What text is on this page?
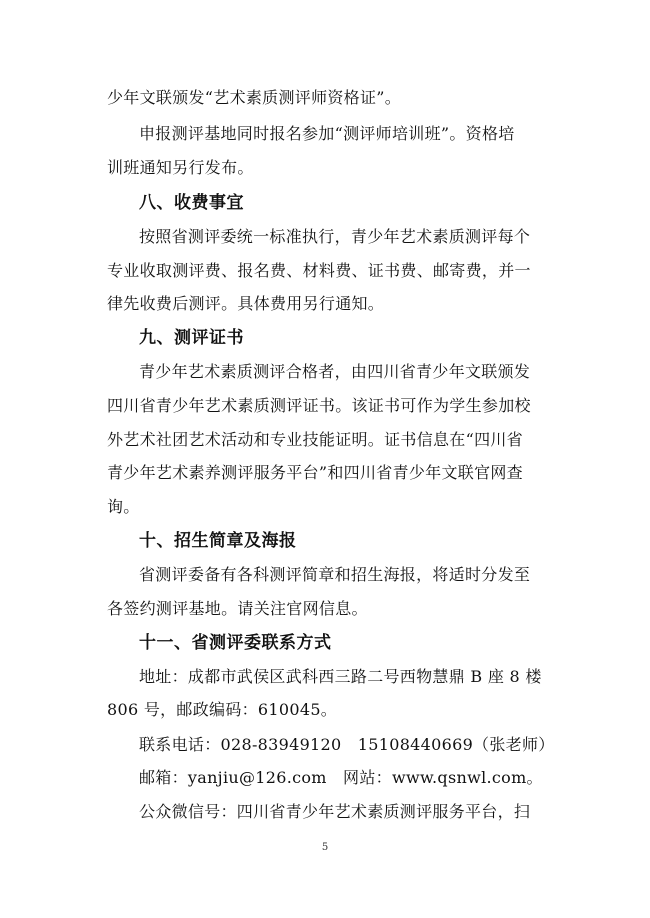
少年文联颁发“艺术素质测评师资格证”。
申报测评基地同时报名参加“测评师培训班”。资格培
训班通知另行发布。
八、收费事宜
按照省测评委统一标准执行，青少年艺术素质测评每个
专业收取测评费、报名费、材料费、证书费、邮寄费，并一
律先收费后测评。具体费用另行通知。
九、测评证书
青少年艺术素质测评合格者，由四川省青少年文联颁发
四川省青少年艺术素质测评证书。该证书可作为学生参加校
外艺术社团艺术活动和专业技能证明。证书信息在“四川省
青少年艺术素养测评服务平台”和四川省青少年文联官网查
询。
十、招生简章及海报
省测评委备有各科测评简章和招生海报，将适时分发至
各签约测评基地。请关注官网信息。
十一、省测评委联系方式
地址：成都市武侯区武科西三路二号西物慧鼎 B 座 8 楼
806 号，邮政编码：610045。
联系电话：028-83949120　15108440669（张老师）
邮箱：yanjiu@126.com　网站：www.qsnwl.com。
公众微信号：四川省青少年艺术素质测评服务平台，扫
5
